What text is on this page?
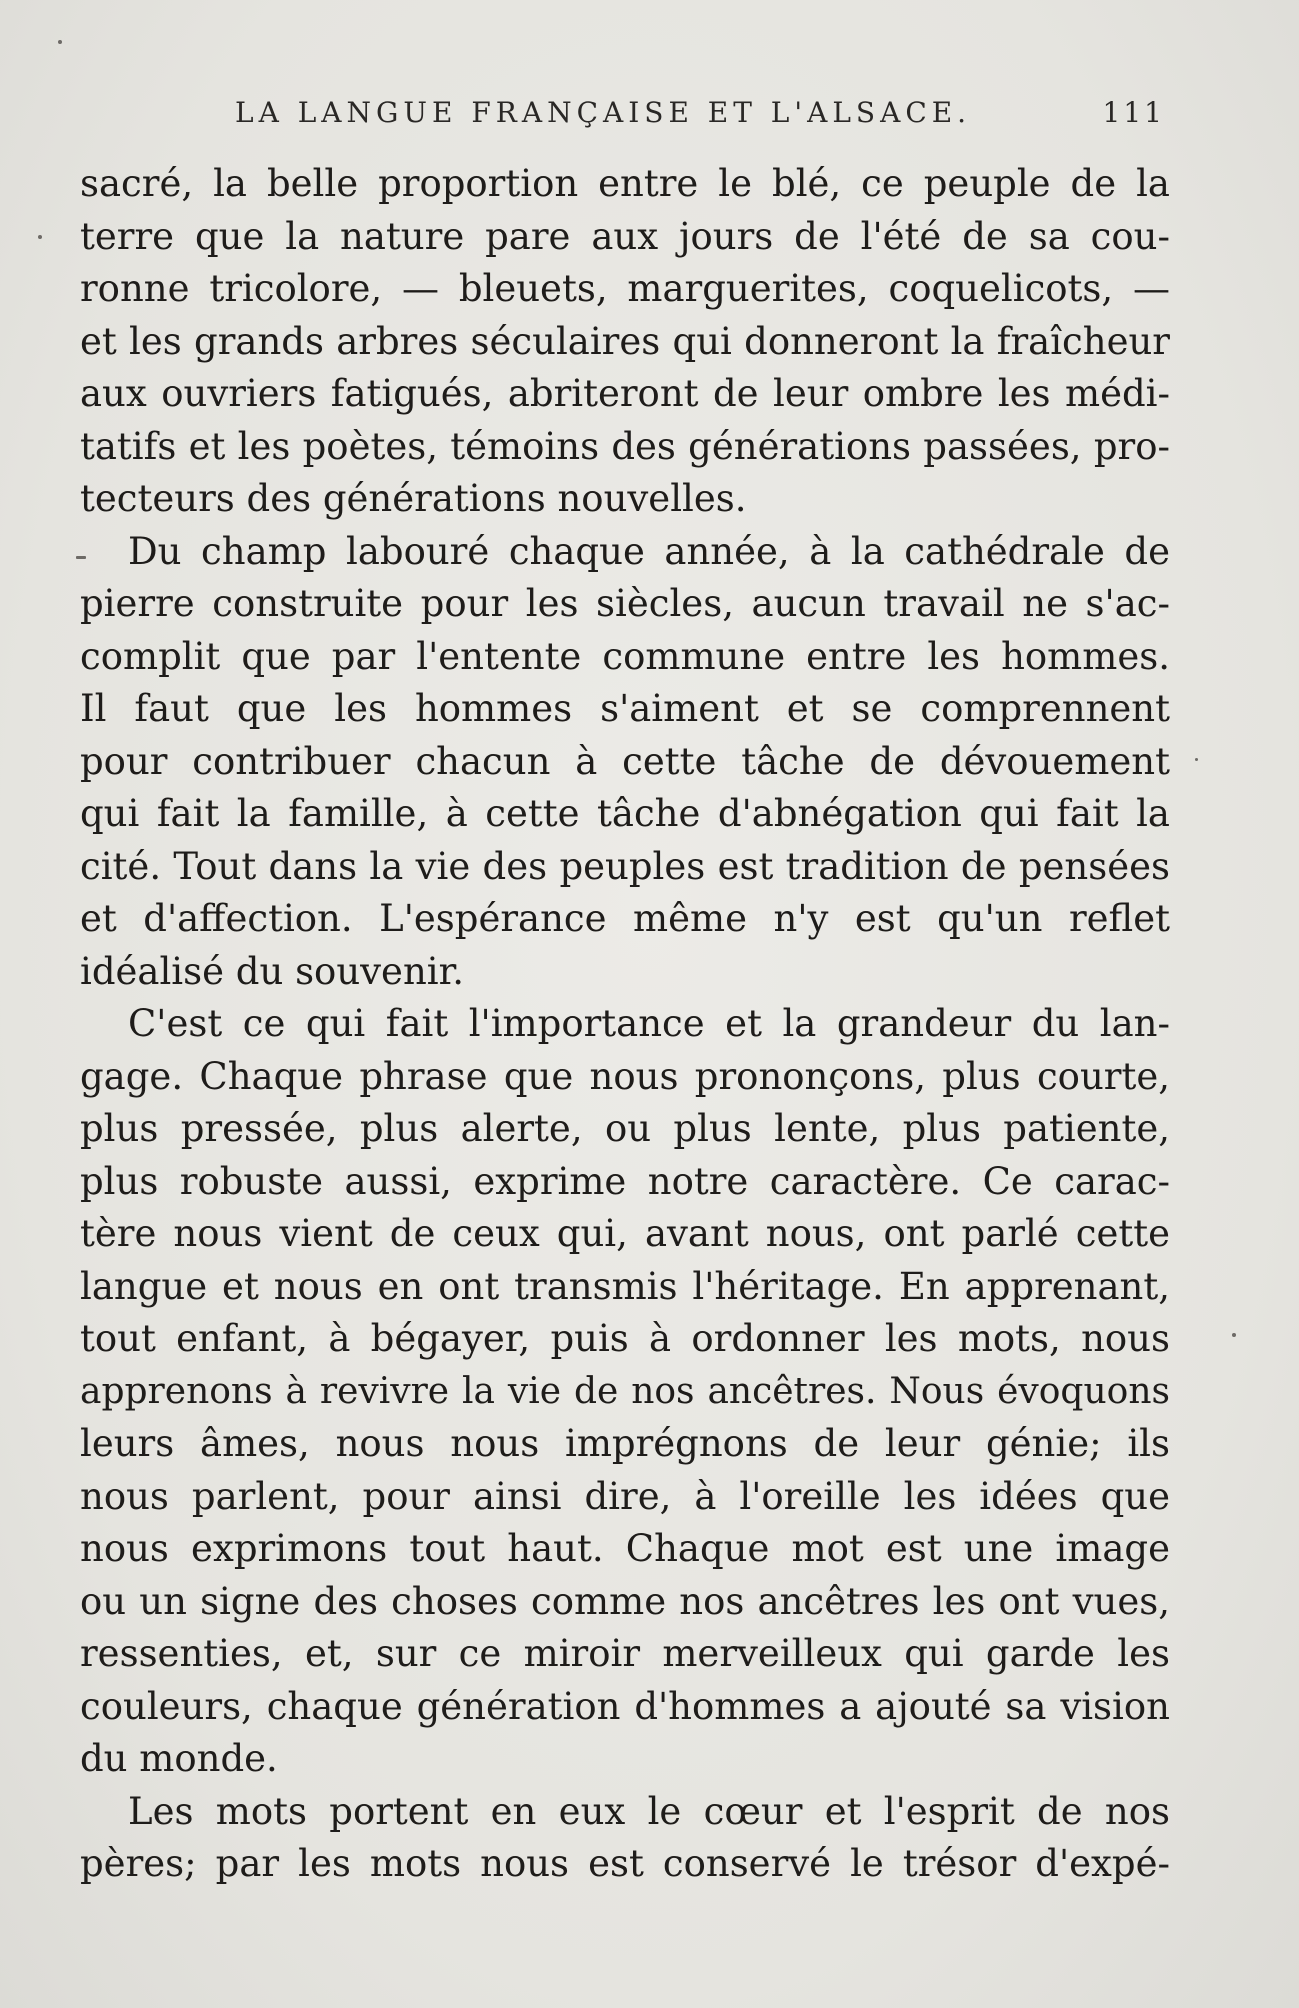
LA LANGUE FRANÇAISE ET L'ALSACE.	111
sacré, la belle proportion entre le blé, ce peuple de la
terre que la nature pare aux jours de l'été de sa cou-
ronne tricolore, — bleuets, marguerites, coquelicots, —
et les grands arbres séculaires qui donneront la fraîcheur
aux ouvriers fatigués, abriteront de leur ombre les médi-
tatifs et les poètes, témoins des générations passées, pro-
tecteurs des générations nouvelles.
Du champ labouré chaque année, à la cathédrale de
pierre construite pour les siècles, aucun travail ne s'ac-
complit que par l'entente commune entre les hommes.
Il faut que les hommes s'aiment et se comprennent
pour contribuer chacun à cette tâche de dévouement
qui fait la famille, à cette tâche d'abnégation qui fait la
cité. Tout dans la vie des peuples est tradition de pensées
et d'affection. L'espérance même n'y est qu'un reflet
idéalisé du souvenir.
C'est ce qui fait l'importance et la grandeur du lan-
gage. Chaque phrase que nous prononçons, plus courte,
plus pressée, plus alerte, ou plus lente, plus patiente,
plus robuste aussi, exprime notre caractère. Ce carac-
tère nous vient de ceux qui, avant nous, ont parlé cette
langue et nous en ont transmis l'héritage. En apprenant,
tout enfant, à bégayer, puis à ordonner les mots, nous
apprenons à revivre la vie de nos ancêtres. Nous évoquons
leurs âmes, nous nous imprégnons de leur génie; ils
nous parlent, pour ainsi dire, à l'oreille les idées que
nous exprimons tout haut. Chaque mot est une image
ou un signe des choses comme nos ancêtres les ont vues,
ressenties, et, sur ce miroir merveilleux qui garde les
couleurs, chaque génération d'hommes a ajouté sa vision
du monde.
Les mots portent en eux le cœur et l'esprit de nos
pères; par les mots nous est conservé le trésor d'expé-
